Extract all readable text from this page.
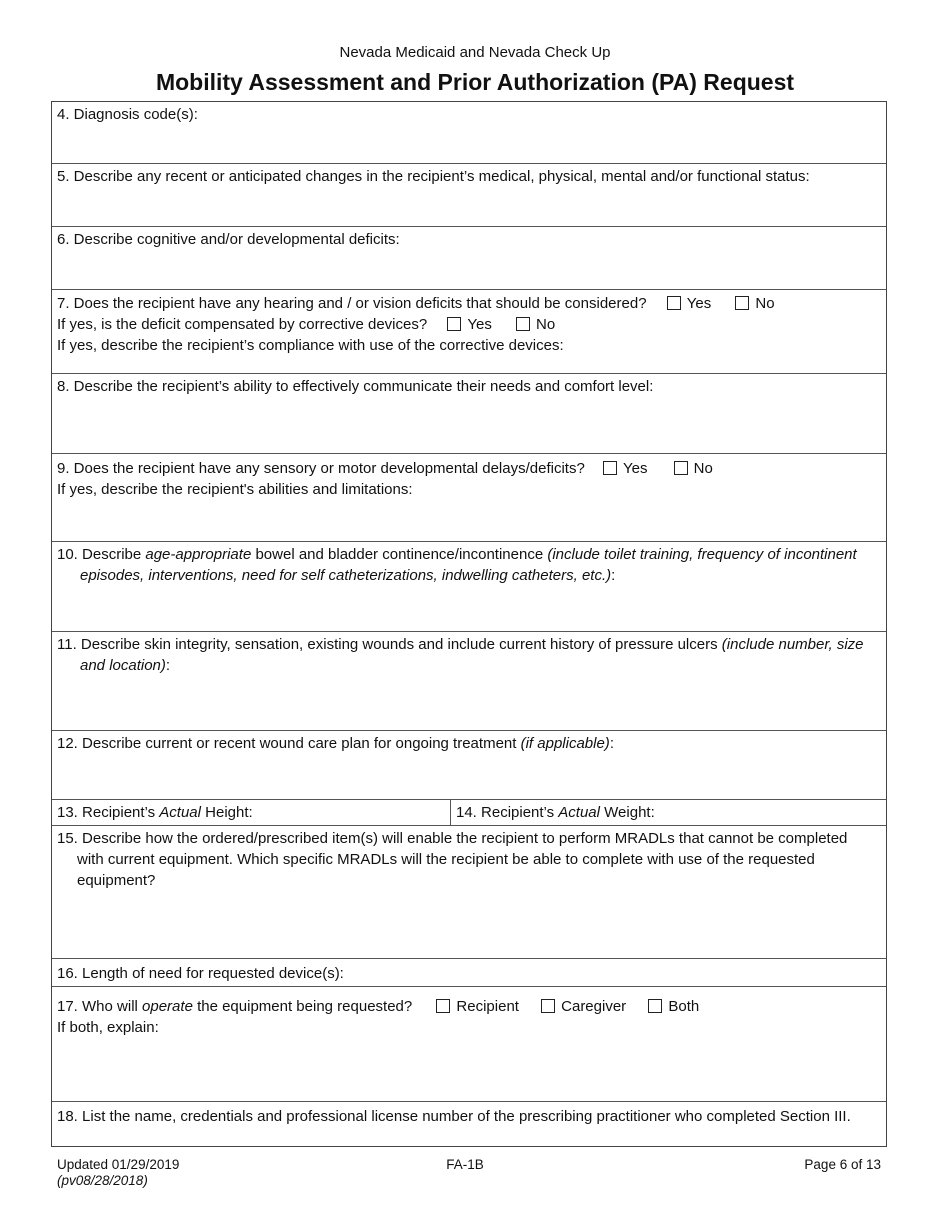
Nevada Medicaid and Nevada Check Up
Mobility Assessment and Prior Authorization (PA) Request
4. Diagnosis code(s):
5. Describe any recent or anticipated changes in the recipient’s medical, physical, mental and/or functional status:
6. Describe cognitive and/or developmental deficits:
7. Does the recipient have any hearing and / or vision deficits that should be considered?	Yes	No
If yes, is the deficit compensated by corrective devices?	Yes	No
If yes, describe the recipient’s compliance with use of the corrective devices:
8. Describe the recipient’s ability to effectively communicate their needs and comfort level:
9. Does the recipient have any sensory or motor developmental delays/deficits?	Yes	No
If yes, describe the recipient's abilities and limitations:
10. Describe age-appropriate bowel and bladder continence/incontinence (include toilet training, frequency of incontinent episodes, interventions, need for self catheterizations, indwelling catheters, etc.):
11. Describe skin integrity, sensation, existing wounds and include current history of pressure ulcers (include number, size and location):
12. Describe current or recent wound care plan for ongoing treatment (if applicable):
13. Recipient’s Actual Height:	14. Recipient’s Actual Weight:
15. Describe how the ordered/prescribed item(s) will enable the recipient to perform MRADLs that cannot be completed with current equipment. Which specific MRADLs will the recipient be able to complete with use of the requested equipment?
16. Length of need for requested device(s):
17. Who will operate the equipment being requested?	Recipient	Caregiver	Both
If both, explain:
18. List the name, credentials and professional license number of the prescribing practitioner who completed Section III.
Updated 01/29/2019
(pv08/28/2018)
FA-1B	Page 6 of 13
